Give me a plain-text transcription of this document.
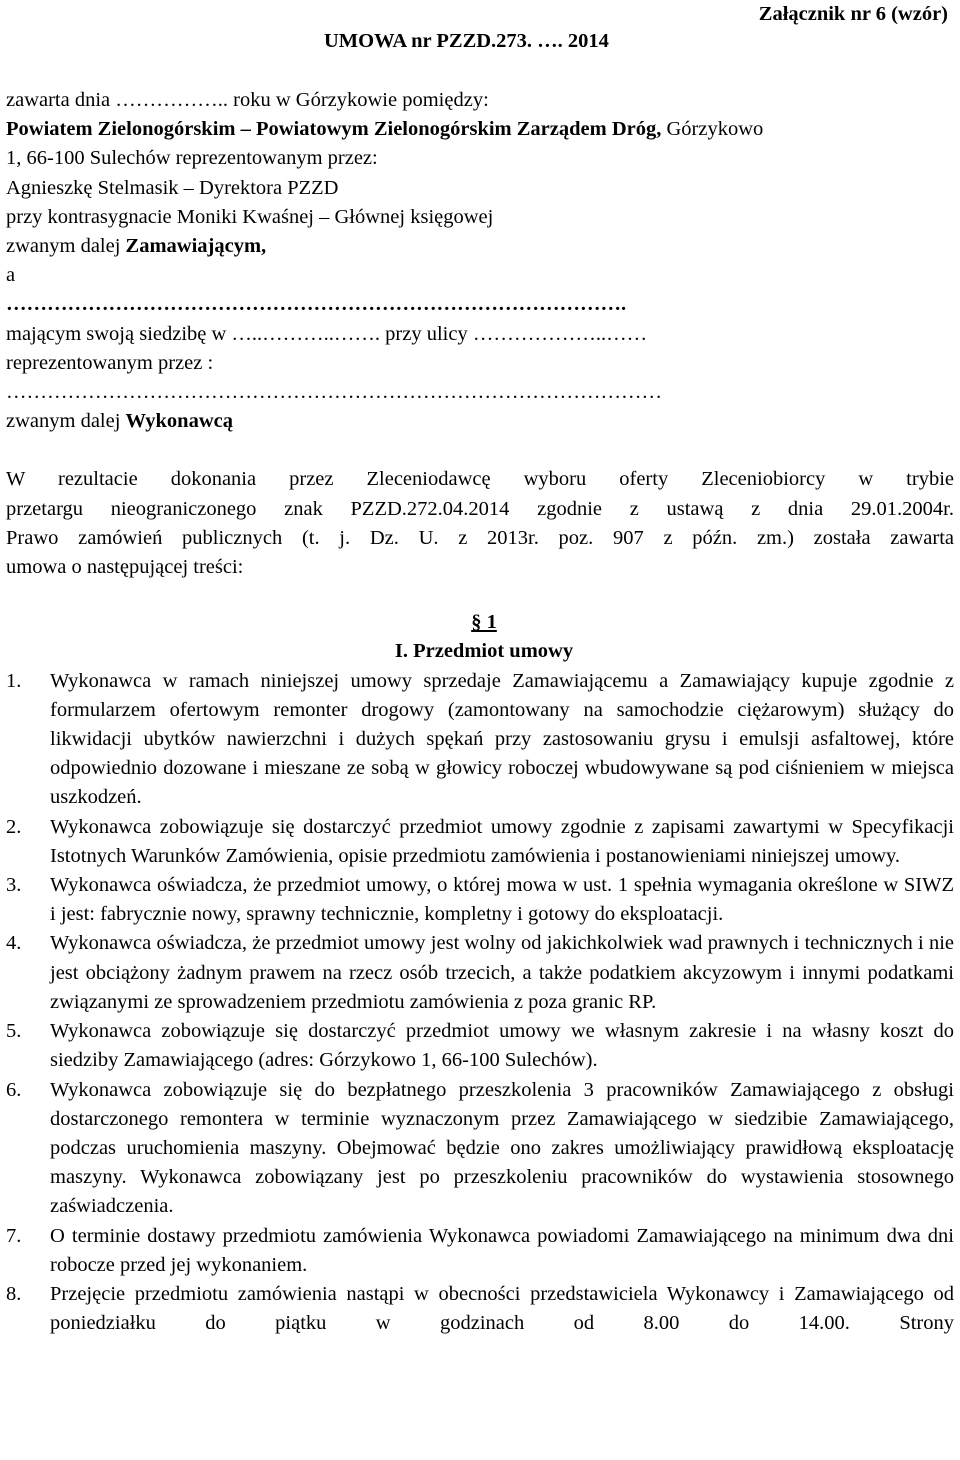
Załącznik nr 6 (wzór)
UMOWA nr PZZD.273. …. 2014
zawarta dnia …………….. roku w Górzykowie pomiędzy:
Powiatem Zielonogórskim – Powiatowym Zielonogórskim Zarządem Dróg, Górzykowo
1, 66-100 Sulechów reprezentowanym przez:
Agnieszkę Stelmasik – Dyrektora PZZD
przy kontrasygnacie Moniki Kwaśnej – Głównej księgowej
zwanym dalej Zamawiającym,
a
……………………………………………………………………………….
mającym swoją siedzibę w …..………..……. przy ulicy ………………..……
reprezentowanym przez :
……………………………………………………………………………………
zwanym dalej Wykonawcą
W rezultacie dokonania przez Zleceniodawcę wyboru oferty Zleceniobiorcy w trybie
przetargu nieograniczonego znak PZZD.272.04.2014 zgodnie z ustawą z dnia 29.01.2004r.
Prawo zamówień publicznych (t. j. Dz. U. z 2013r. poz. 907 z późn. zm.) została zawarta
umowa o następującej treści:
§ 1
I. Przedmiot umowy
1.	Wykonawca w ramach niniejszej umowy sprzedaje Zamawiającemu a Zamawiający kupuje zgodnie z formularzem ofertowym remonter drogowy (zamontowany na samochodzie ciężarowym) służący do likwidacji ubytków nawierzchni i dużych spękań przy zastosowaniu grysu i emulsji asfaltowej, które odpowiednio dozowane i mieszane ze sobą w głowicy roboczej wbudowywane są pod ciśnieniem w miejsca uszkodzeń.
2.	Wykonawca zobowiązuje się dostarczyć przedmiot umowy zgodnie z zapisami zawartymi w Specyfikacji Istotnych Warunków Zamówienia, opisie przedmiotu zamówienia i postanowieniami niniejszej umowy.
3.	Wykonawca oświadcza, że przedmiot umowy, o której mowa w ust. 1 spełnia wymagania określone w SIWZ i jest: fabrycznie nowy, sprawny technicznie, kompletny i gotowy do eksploatacji.
4.	Wykonawca oświadcza, że przedmiot umowy jest wolny od jakichkolwiek wad prawnych i technicznych i nie jest obciążony żadnym prawem na rzecz osób trzecich, a także podatkiem akcyzowym i innymi podatkami związanymi ze sprowadzeniem przedmiotu zamówienia z poza granic RP.
5.	Wykonawca zobowiązuje się dostarczyć przedmiot umowy we własnym zakresie i na własny koszt do siedziby Zamawiającego (adres: Górzykowo 1, 66-100 Sulechów).
6.	Wykonawca zobowiązuje się do bezpłatnego przeszkolenia 3 pracowników Zamawiającego z obsługi dostarczonego remontera w terminie wyznaczonym przez Zamawiającego w siedzibie Zamawiającego, podczas uruchomienia maszyny. Obejmować będzie ono zakres umożliwiający prawidłową eksploatację maszyny. Wykonawca zobowiązany jest po przeszkoleniu pracowników do wystawienia stosownego zaświadczenia.
7.	O terminie dostawy przedmiotu zamówienia Wykonawca powiadomi Zamawiającego na minimum dwa dni robocze przed jej wykonaniem.
8.	Przejęcie przedmiotu zamówienia nastąpi w obecności przedstawiciela Wykonawcy i Zamawiającego od poniedziałku do piątku w godzinach od 8.00 do 14.00. Strony
